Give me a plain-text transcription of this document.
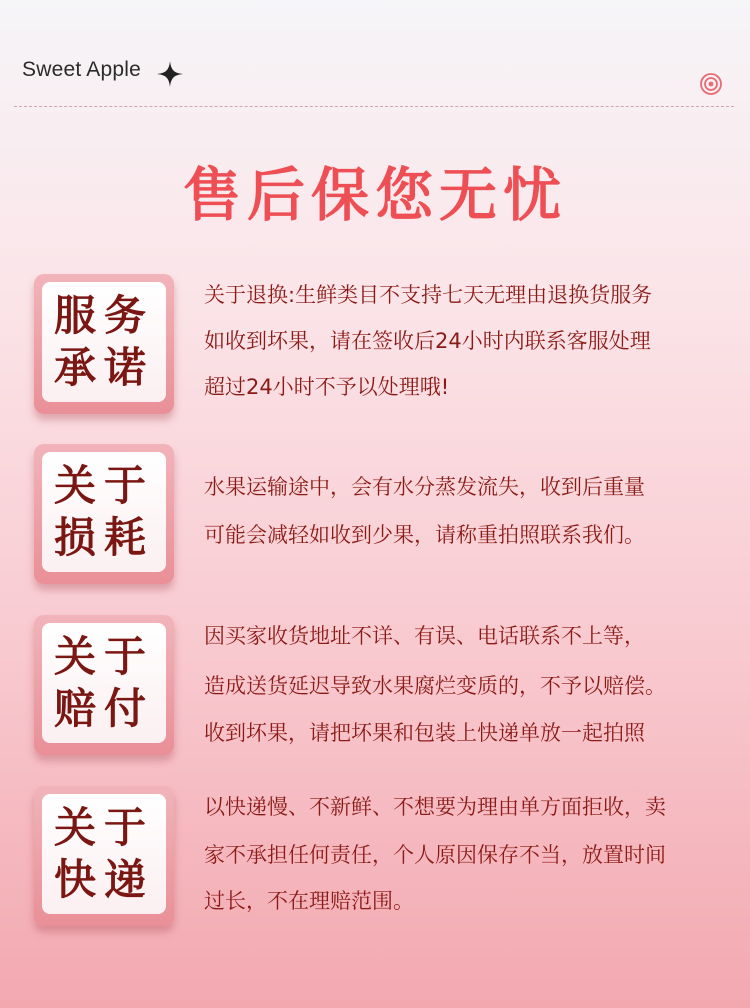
Sweet Apple
售后保您无忧
服务
承诺
关于退换:生鲜类目不支持七天无理由退换货服务
如收到坏果，请在签收后24小时内联系客服处理
超过24小时不予以处理哦!
关于
损耗
水果运输途中，会有水分蒸发流失，收到后重量
可能会减轻如收到少果，请称重拍照联系我们。
关于
赔付
因买家收货地址不详、有误、电话联系不上等，
造成送货延迟导致水果腐烂变质的，不予以赔偿。
收到坏果，请把坏果和包装上快递单放一起拍照
关于
快递
以快递慢、不新鲜、不想要为理由单方面拒收，卖
家不承担任何责任，个人原因保存不当，放置时间
过长，不在理赔范围。
